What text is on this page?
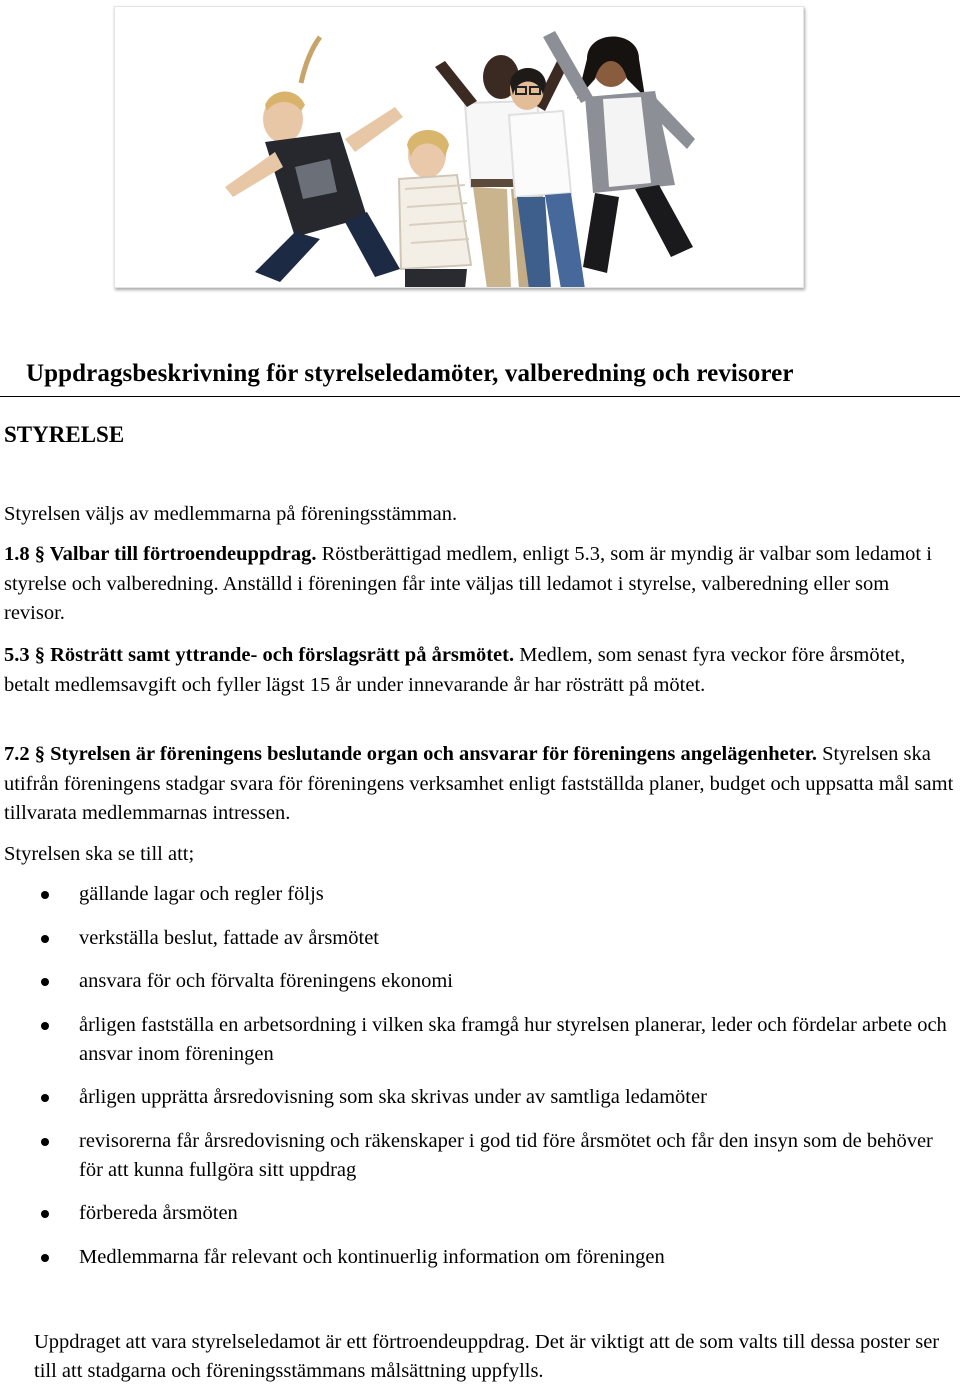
Uppdragsbeskrivning för styrelseledamöter, valberedning och revisorer
STYRELSE
Styrelsen väljs av medlemmarna på föreningsstämman.
1.8 § Valbar till förtroendeuppdrag. Röstberättigad medlem, enligt 5.3, som är myndig är valbar som ledamot i styrelse och valberedning. Anställd i föreningen får inte väljas till ledamot i styrelse, valberedning eller som revisor.
5.3 § Rösträtt samt yttrande- och förslagsrätt på årsmötet. Medlem, som senast fyra veckor före årsmötet, betalt medlemsavgift och fyller lägst 15 år under innevarande år har rösträtt på mötet.
7.2 § Styrelsen är föreningens beslutande organ och ansvarar för föreningens angelägenheter. Styrelsen ska utifrån föreningens stadgar svara för föreningens verksamhet enligt fastställda planer, budget och uppsatta mål samt tillvarata medlemmarnas intressen.
Styrelsen ska se till att;
gällande lagar och regler följs
verkställa beslut, fattade av årsmötet
ansvara för och förvalta föreningens ekonomi
årligen fastställa en arbetsordning i vilken ska framgå hur styrelsen planerar, leder och fördelar arbete och ansvar inom föreningen
årligen upprätta årsredovisning som ska skrivas under av samtliga ledamöter
revisorerna får årsredovisning och räkenskaper i god tid före årsmötet och får den insyn som de behöver för att kunna fullgöra sitt uppdrag
förbereda årsmöten
Medlemmarna får relevant och kontinuerlig information om föreningen
Uppdraget att vara styrelseledamot är ett förtroendeuppdrag. Det är viktigt att de som valts till dessa poster ser till att stadgarna och föreningsstämmans målsättning uppfylls.
